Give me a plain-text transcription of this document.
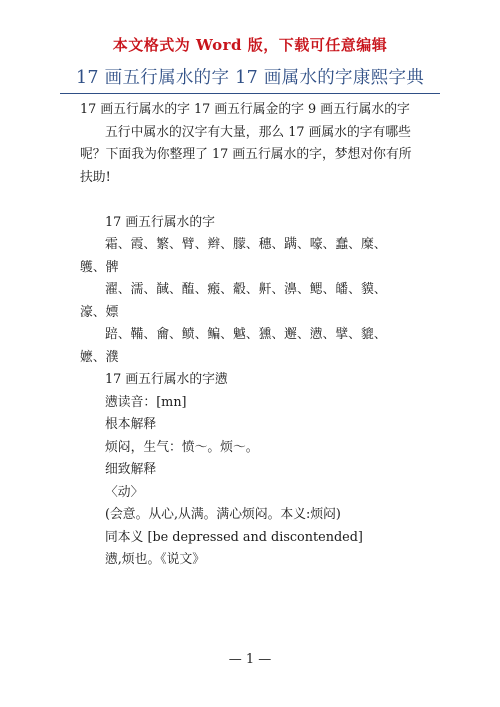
本文格式为 Word 版，下载可任意编辑
17 画五行属水的字 17 画属水的字康熙字典
17 画五行属水的字 17 画五行属金的字 9 画五行属水的字
五行中属水的汉字有大量，那么 17 画属水的字有哪些
呢？下面我为你整理了 17 画五行属水的字，梦想对你有所
扶助!
17 画五行属水的字
霜、霞、繁、臂、辫、朦、穗、蹒、嚎、蠢、糜、
鹱、髀
濯、濡、馘、醢、瘢、觳、鼾、濞、鳃、皤、貘、
濠、嫖
踣、鞴、龠、鲼、鳊、魆、獯、邂、懑、擘、貔、
嬷、濮
17 画五行属水的字懑
懑读音：[mn]
根本解释
烦闷，生气：愤～。烦～。
细致解释
〈动〉
(会意。从心,从满。满心烦闷。本义:烦闷)
同本义 [be depressed and discontended]
懑,烦也。《说文》
— 1 —
